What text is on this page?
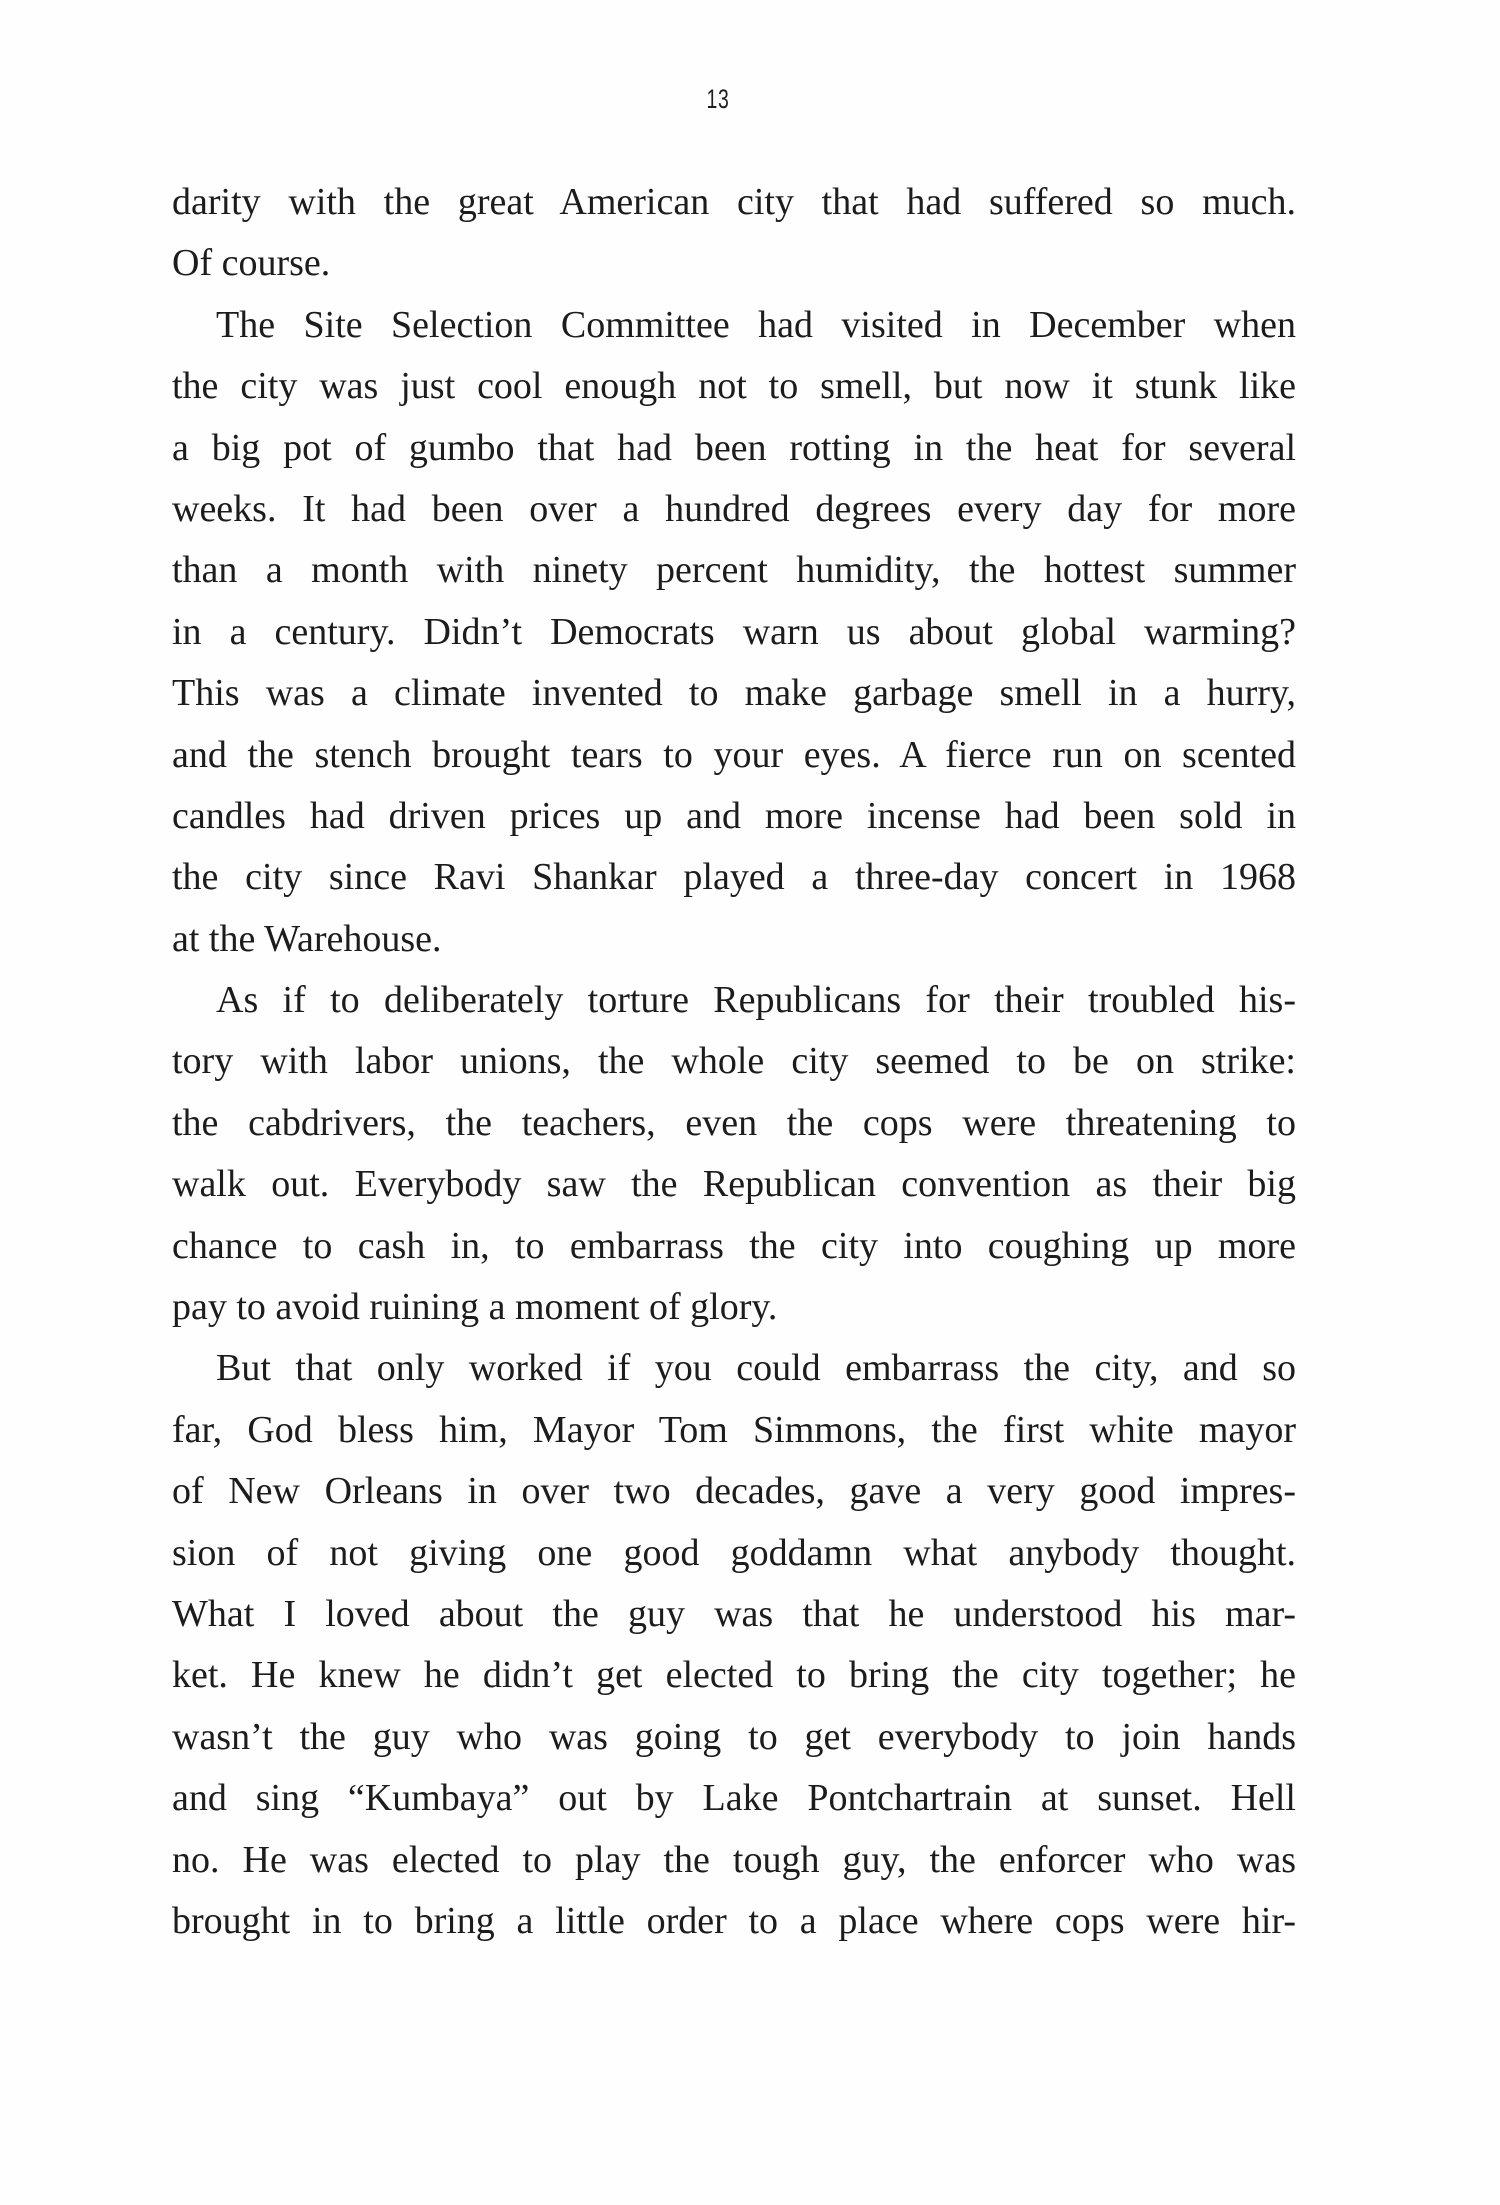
13
darity with the great American city that had suffered so much.
Of course.
The Site Selection Committee had visited in December when
the city was just cool enough not to smell, but now it stunk like
a big pot of gumbo that had been rotting in the heat for several
weeks. It had been over a hundred degrees every day for more
than a month with ninety percent humidity, the hottest summer
in a century. Didn’t Democrats warn us about global warming?
This was a climate invented to make garbage smell in a hurry,
and the stench brought tears to your eyes. A fierce run on scented
candles had driven prices up and more incense had been sold in
the city since Ravi Shankar played a three-day concert in 1968
at the Warehouse.
As if to deliberately torture Republicans for their troubled his-
tory with labor unions, the whole city seemed to be on strike:
the cabdrivers, the teachers, even the cops were threatening to
walk out. Everybody saw the Republican convention as their big
chance to cash in, to embarrass the city into coughing up more
pay to avoid ruining a moment of glory.
But that only worked if you could embarrass the city, and so
far, God bless him, Mayor Tom Simmons, the first white mayor
of New Orleans in over two decades, gave a very good impres-
sion of not giving one good goddamn what anybody thought.
What I loved about the guy was that he understood his mar-
ket. He knew he didn’t get elected to bring the city together; he
wasn’t the guy who was going to get everybody to join hands
and sing “Kumbaya” out by Lake Pontchartrain at sunset. Hell
no. He was elected to play the tough guy, the enforcer who was
brought in to bring a little order to a place where cops were hir-
